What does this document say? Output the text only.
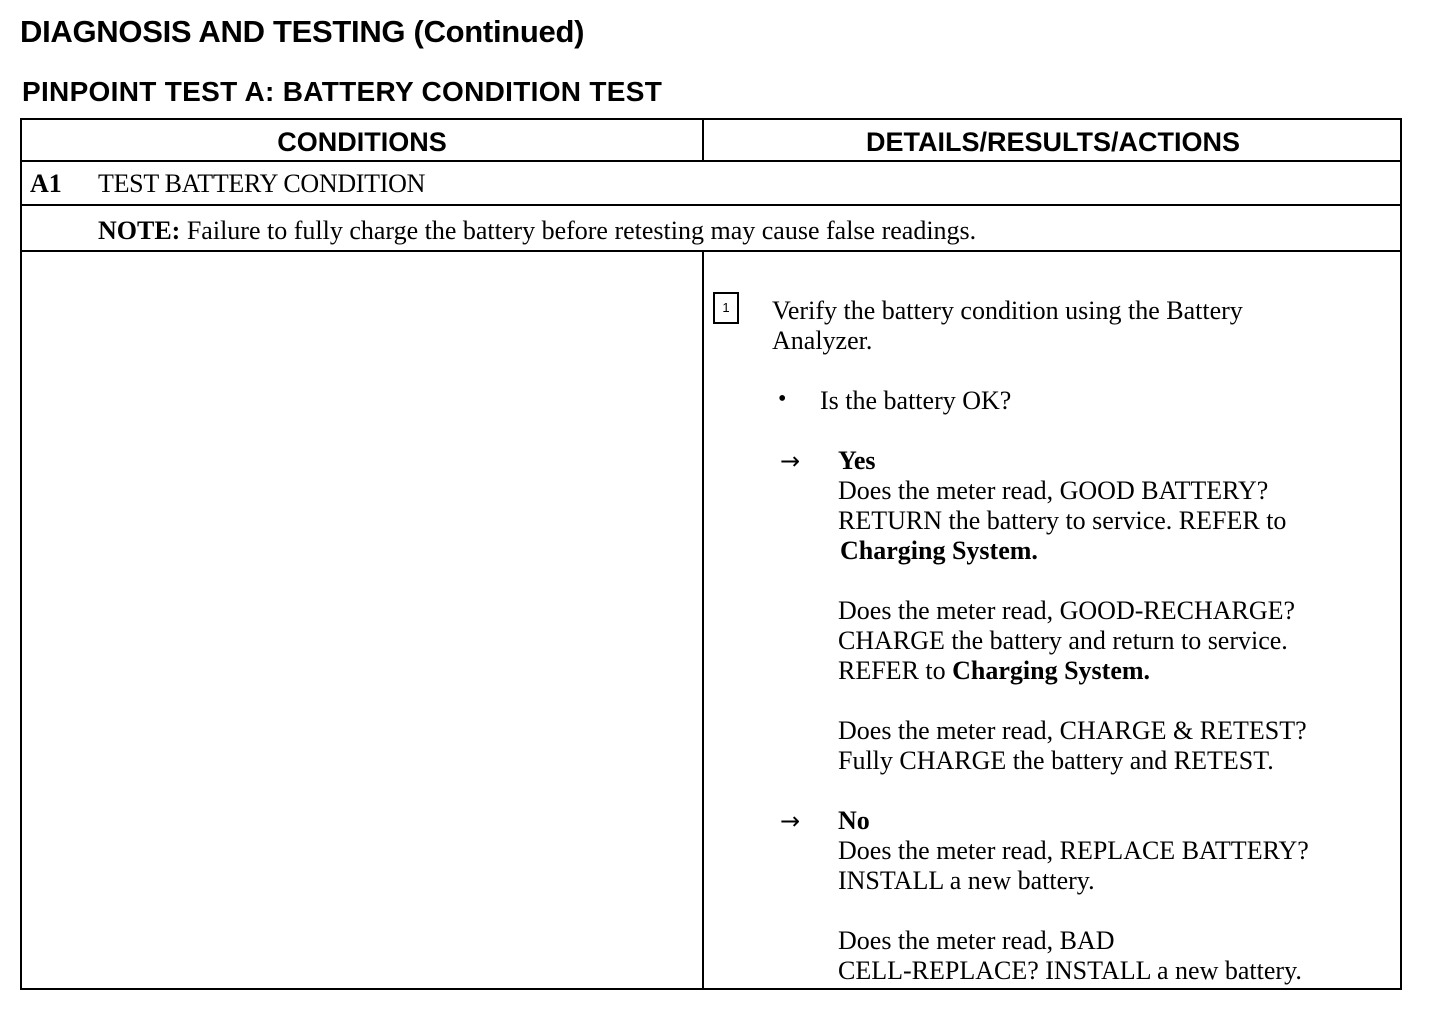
DIAGNOSIS AND TESTING (Continued)
PINPOINT TEST A: BATTERY CONDITION TEST
CONDITIONS	DETAILS/RESULTS/ACTIONS
A1 TEST BATTERY CONDITION
NOTE: Failure to fully charge the battery before retesting may cause false readings.
1	Verify the battery condition using the Battery
Analyzer.
• Is the battery OK?
→ Yes
Does the meter read, GOOD BATTERY?
RETURN the battery to service. REFER to
Charging System.
Does the meter read, GOOD-RECHARGE?
CHARGE the battery and return to service.
REFER to Charging System.
Does the meter read, CHARGE & RETEST?
Fully CHARGE the battery and RETEST.
→ No
Does the meter read, REPLACE BATTERY?
INSTALL a new battery.
Does the meter read, BAD
CELL-REPLACE? INSTALL a new battery.
